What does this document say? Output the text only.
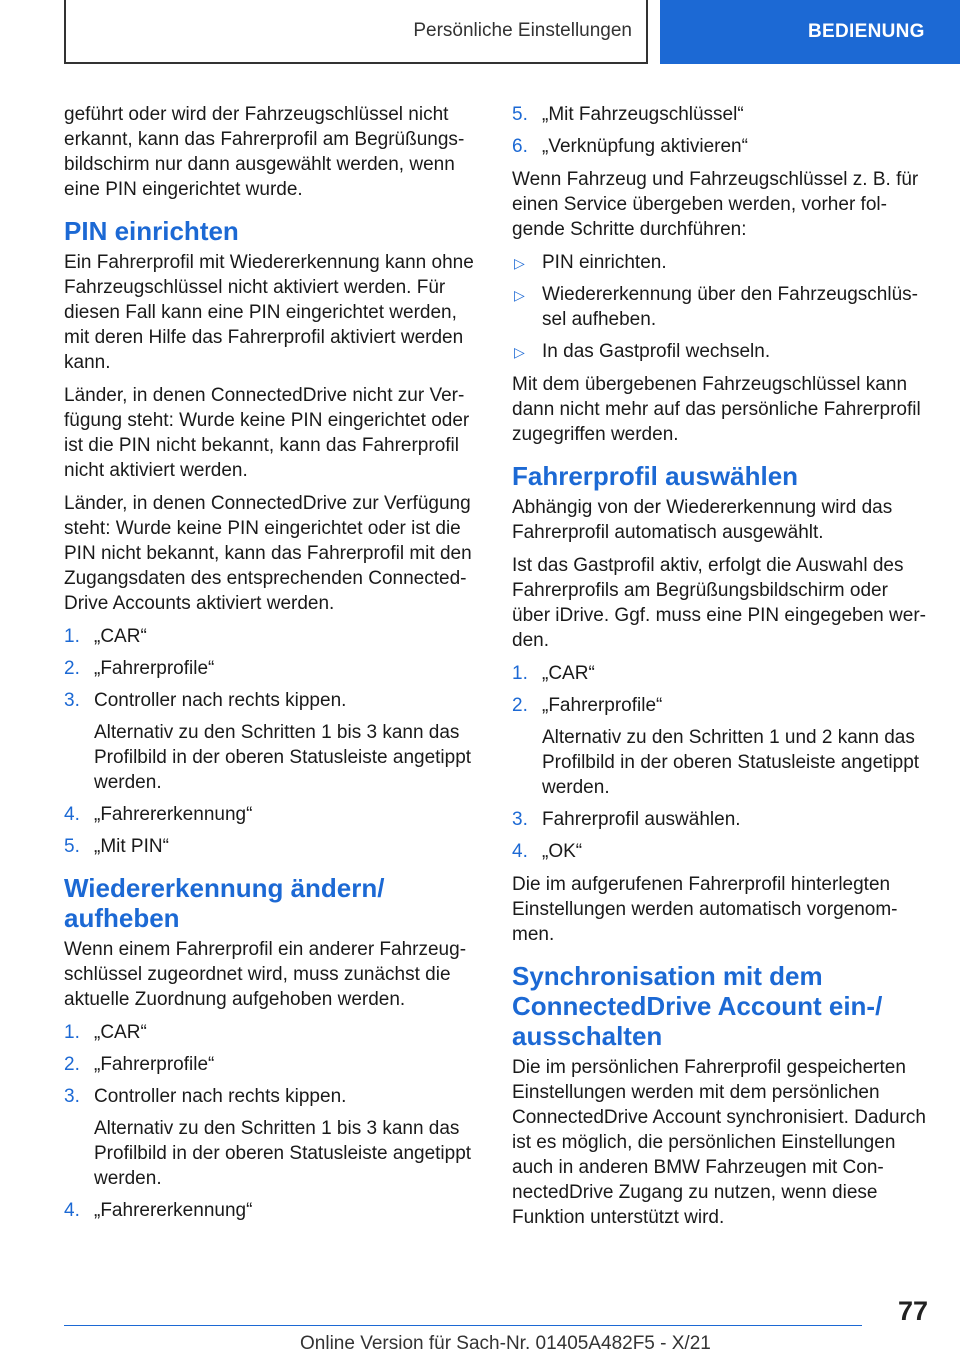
Persönliche Einstellungen	BEDIENUNG

geführt oder wird der Fahrzeugschlüssel nicht erkannt, kann das Fahrerprofil am Begrüßungsbildschirm nur dann ausgewählt werden, wenn eine PIN eingerichtet wurde.

PIN einrichten

Ein Fahrerprofil mit Wiedererkennung kann ohne Fahrzeugschlüssel nicht aktiviert werden. Für diesen Fall kann eine PIN eingerichtet werden, mit deren Hilfe das Fahrerprofil aktiviert werden kann.

Länder, in denen ConnectedDrive nicht zur Verfügung steht: Wurde keine PIN eingerichtet oder ist die PIN nicht bekannt, kann das Fahrerprofil nicht aktiviert werden.

Länder, in denen ConnectedDrive zur Verfügung steht: Wurde keine PIN eingerichtet oder ist die PIN nicht bekannt, kann das Fahrerprofil mit den Zugangsdaten des entsprechenden ConnectedDrive Accounts aktiviert werden.

1. „CAR“
2. „Fahrerprofile“
3. Controller nach rechts kippen.
Alternativ zu den Schritten 1 bis 3 kann das Profilbild in der oberen Statusleiste angetippt werden.
4. „Fahrererkennung“
5. „Mit PIN“
Wiedererkennung ändern/ aufheben

Wenn einem Fahrerprofil ein anderer Fahrzeugschlüssel zugeordnet wird, muss zunächst die aktuelle Zuordnung aufgehoben werden.

1. „CAR“
2. „Fahrerprofile“
3. Controller nach rechts kippen.
Alternativ zu den Schritten 1 bis 3 kann das Profilbild in der oberen Statusleiste angetippt werden.
4. „Fahrererkennung“
5. „Mit Fahrzeugschlüssel“
6. „Verknüpfung aktivieren“

Wenn Fahrzeug und Fahrzeugschlüssel z. B. für einen Service übergeben werden, vorher folgende Schritte durchführen:

▷ PIN einrichten.
▷ Wiedererkennung über den Fahrzeugschlüssel aufheben.
▷ In das Gastprofil wechseln.

Mit dem übergebenen Fahrzeugschlüssel kann dann nicht mehr auf das persönliche Fahrerprofil zugegriffen werden.

Fahrerprofil auswählen

Abhängig von der Wiedererkennung wird das Fahrerprofil automatisch ausgewählt.

Ist das Gastprofil aktiv, erfolgt die Auswahl des Fahrerprofils am Begrüßungsbildschirm oder über iDrive. Ggf. muss eine PIN eingegeben werden.

1. „CAR“
2. „Fahrerprofile“
Alternativ zu den Schritten 1 und 2 kann das Profilbild in der oberen Statusleiste angetippt werden.
3. Fahrerprofil auswählen.
4. „OK“

Die im aufgerufenen Fahrerprofil hinterlegten Einstellungen werden automatisch vorgenommen.

Synchronisation mit dem ConnectedDrive Account ein-/ ausschalten

Die im persönlichen Fahrerprofil gespeicherten Einstellungen werden mit dem persönlichen ConnectedDrive Account synchronisiert. Dadurch ist es möglich, die persönlichen Einstellungen auch in anderen BMW Fahrzeugen mit ConnectedDrive Zugang zu nutzen, wenn diese Funktion unterstützt wird.

77
Online Version für Sach-Nr. 01405A482F5 - X/21
